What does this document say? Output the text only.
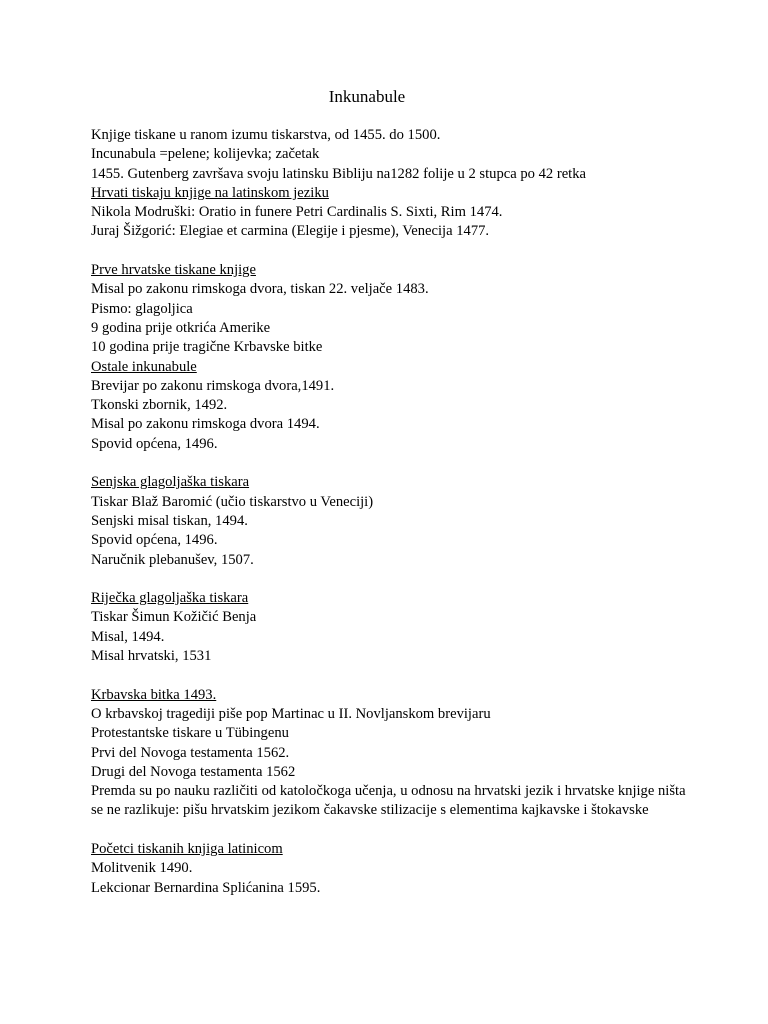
Inkunabule
Knjige tiskane u ranom izumu tiskarstva, od 1455. do 1500.
Incunabula =pelene; kolijevka; začetak
1455. Gutenberg završava svoju latinsku Bibliju na1282 folije u 2 stupca po 42 retka
Hrvati tiskaju knjige na latinskom jeziku
Nikola Modruški: Oratio in funere Petri Cardinalis S. Sixti, Rim 1474.
Juraj Šižgorić: Elegiae et carmina (Elegije i pjesme), Venecija 1477.
Prve hrvatske tiskane knjige
Misal po zakonu rimskoga dvora, tiskan 22. veljače 1483.
Pismo: glagoljica
9 godina prije otkrića Amerike
10 godina prije tragične Krbavske bitke
Ostale inkunabule
Brevijar po zakonu rimskoga dvora,1491.
Tkonski zbornik, 1492.
Misal po zakonu rimskoga dvora 1494.
Spovid općena, 1496.
Senjska glagoljaška tiskara
Tiskar Blaž Baromić (učio tiskarstvo u Veneciji)
Senjski misal tiskan, 1494.
Spovid općena, 1496.
Naručnik plebanušev, 1507.
Riječka glagoljaška tiskara
Tiskar Šimun Kožičić Benja
Misal, 1494.
Misal hrvatski, 1531
Krbavska bitka 1493.
O krbavskoj tragediji piše pop Martinac u II. Novljanskom brevijaru
Protestantske tiskare u Tübingenu
Prvi del Novoga testamenta 1562.
Drugi del Novoga testamenta 1562
Premda su po nauku različiti od katoločkoga učenja, u odnosu na hrvatski jezik i hrvatske knjige ništa se ne razlikuje: pišu hrvatskim jezikom čakavske stilizacije s elementima kajkavske i štokavske
Početci tiskanih knjiga latinicom
Molitvenik 1490.
Lekcionar Bernardina Splićanina 1595.
